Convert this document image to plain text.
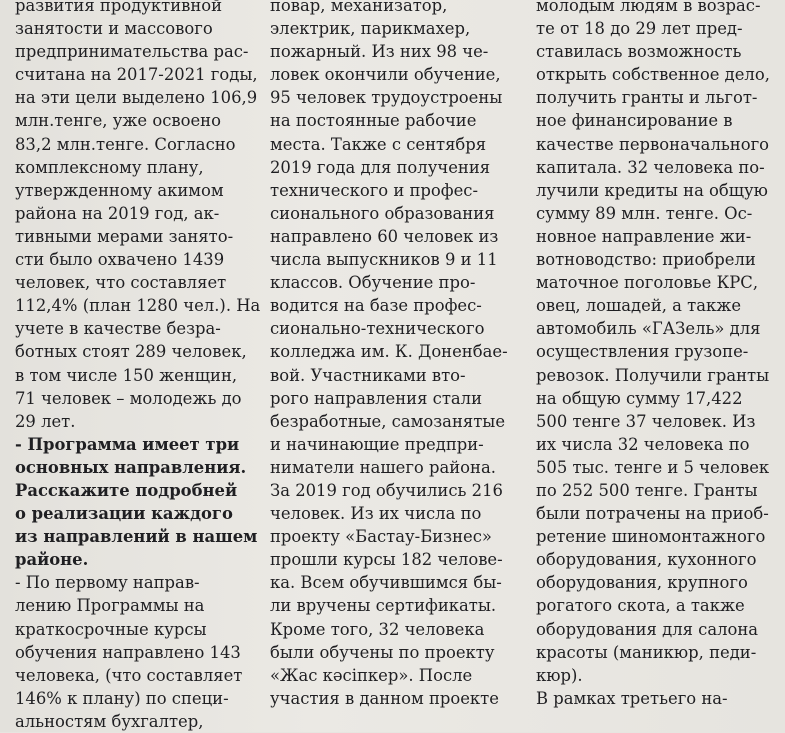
развития продуктивной
занятости и массового
предпринимательства рас-
считана на 2017-2021 годы,
на эти цели выделено 106,9
млн.тенге, уже освоено
83,2 млн.тенге. Согласно
комплексному плану,
утвержденному акимом
района на 2019 год, ак-
тивными мерами занято-
сти было охвачено 1439
человек, что составляет
112,4% (план 1280 чел.). На
учете в качестве безра-
ботных стоят 289 человек,
в том числе 150 женщин,
71 человек – молодежь до
29 лет.
- Программа имеет три
основных направления.
Расскажите подробней
о реализации каждого
из направлений в нашем
районе.
- По первому направ-
лению Программы на
краткосрочные курсы
обучения направлено 143
человека, (что составляет
146% к плану) по специ-
альностям бухгалтер,
повар, механизатор,
электрик, парикмахер,
пожарный. Из них 98 че-
ловек окончили обучение,
95 человек трудоустроены
на постоянные рабочие
места. Также с сентября
2019 года для получения
технического и профес-
сионального образования
направлено 60 человек из
числа выпускников 9 и 11
классов. Обучение про-
водится на базе профес-
сионально-технического
колледжа им. К. Доненбае-
вой. Участниками вто-
рого направления стали
безработные, самозанятые
и начинающие предпри-
ниматели нашего района.
За 2019 год обучились 216
человек. Из их числа по
проекту «Бастау-Бизнес»
прошли курсы 182 челове-
ка. Всем обучившимся бы-
ли вручены сертификаты.
Кроме того, 32 человека
были обучены по проекту
«Жас кәсіпкер». После
участия в данном проекте
молодым людям в возрас-
те от 18 до 29 лет пред-
ставилась возможность
открыть собственное дело,
получить гранты и льгот-
ное финансирование в
качестве первоначального
капитала. 32 человека по-
лучили кредиты на общую
сумму 89 млн. тенге. Ос-
новное направление жи-
вотноводство: приобрели
маточное поголовье КРС,
овец, лошадей, а также
автомобиль «ГАЗель» для
осуществления грузопе-
ревозок. Получили гранты
на общую сумму 17,422
500 тенге 37 человек. Из
их числа 32 человека по
505 тыс. тенге и 5 человек
по 252 500 тенге. Гранты
были потрачены на приоб-
ретение шиномонтажного
оборудования, кухонного
оборудования, крупного
рогатого скота, а также
оборудования для салона
красоты (маникюр, педи-
кюр).
В рамках третьего на-
